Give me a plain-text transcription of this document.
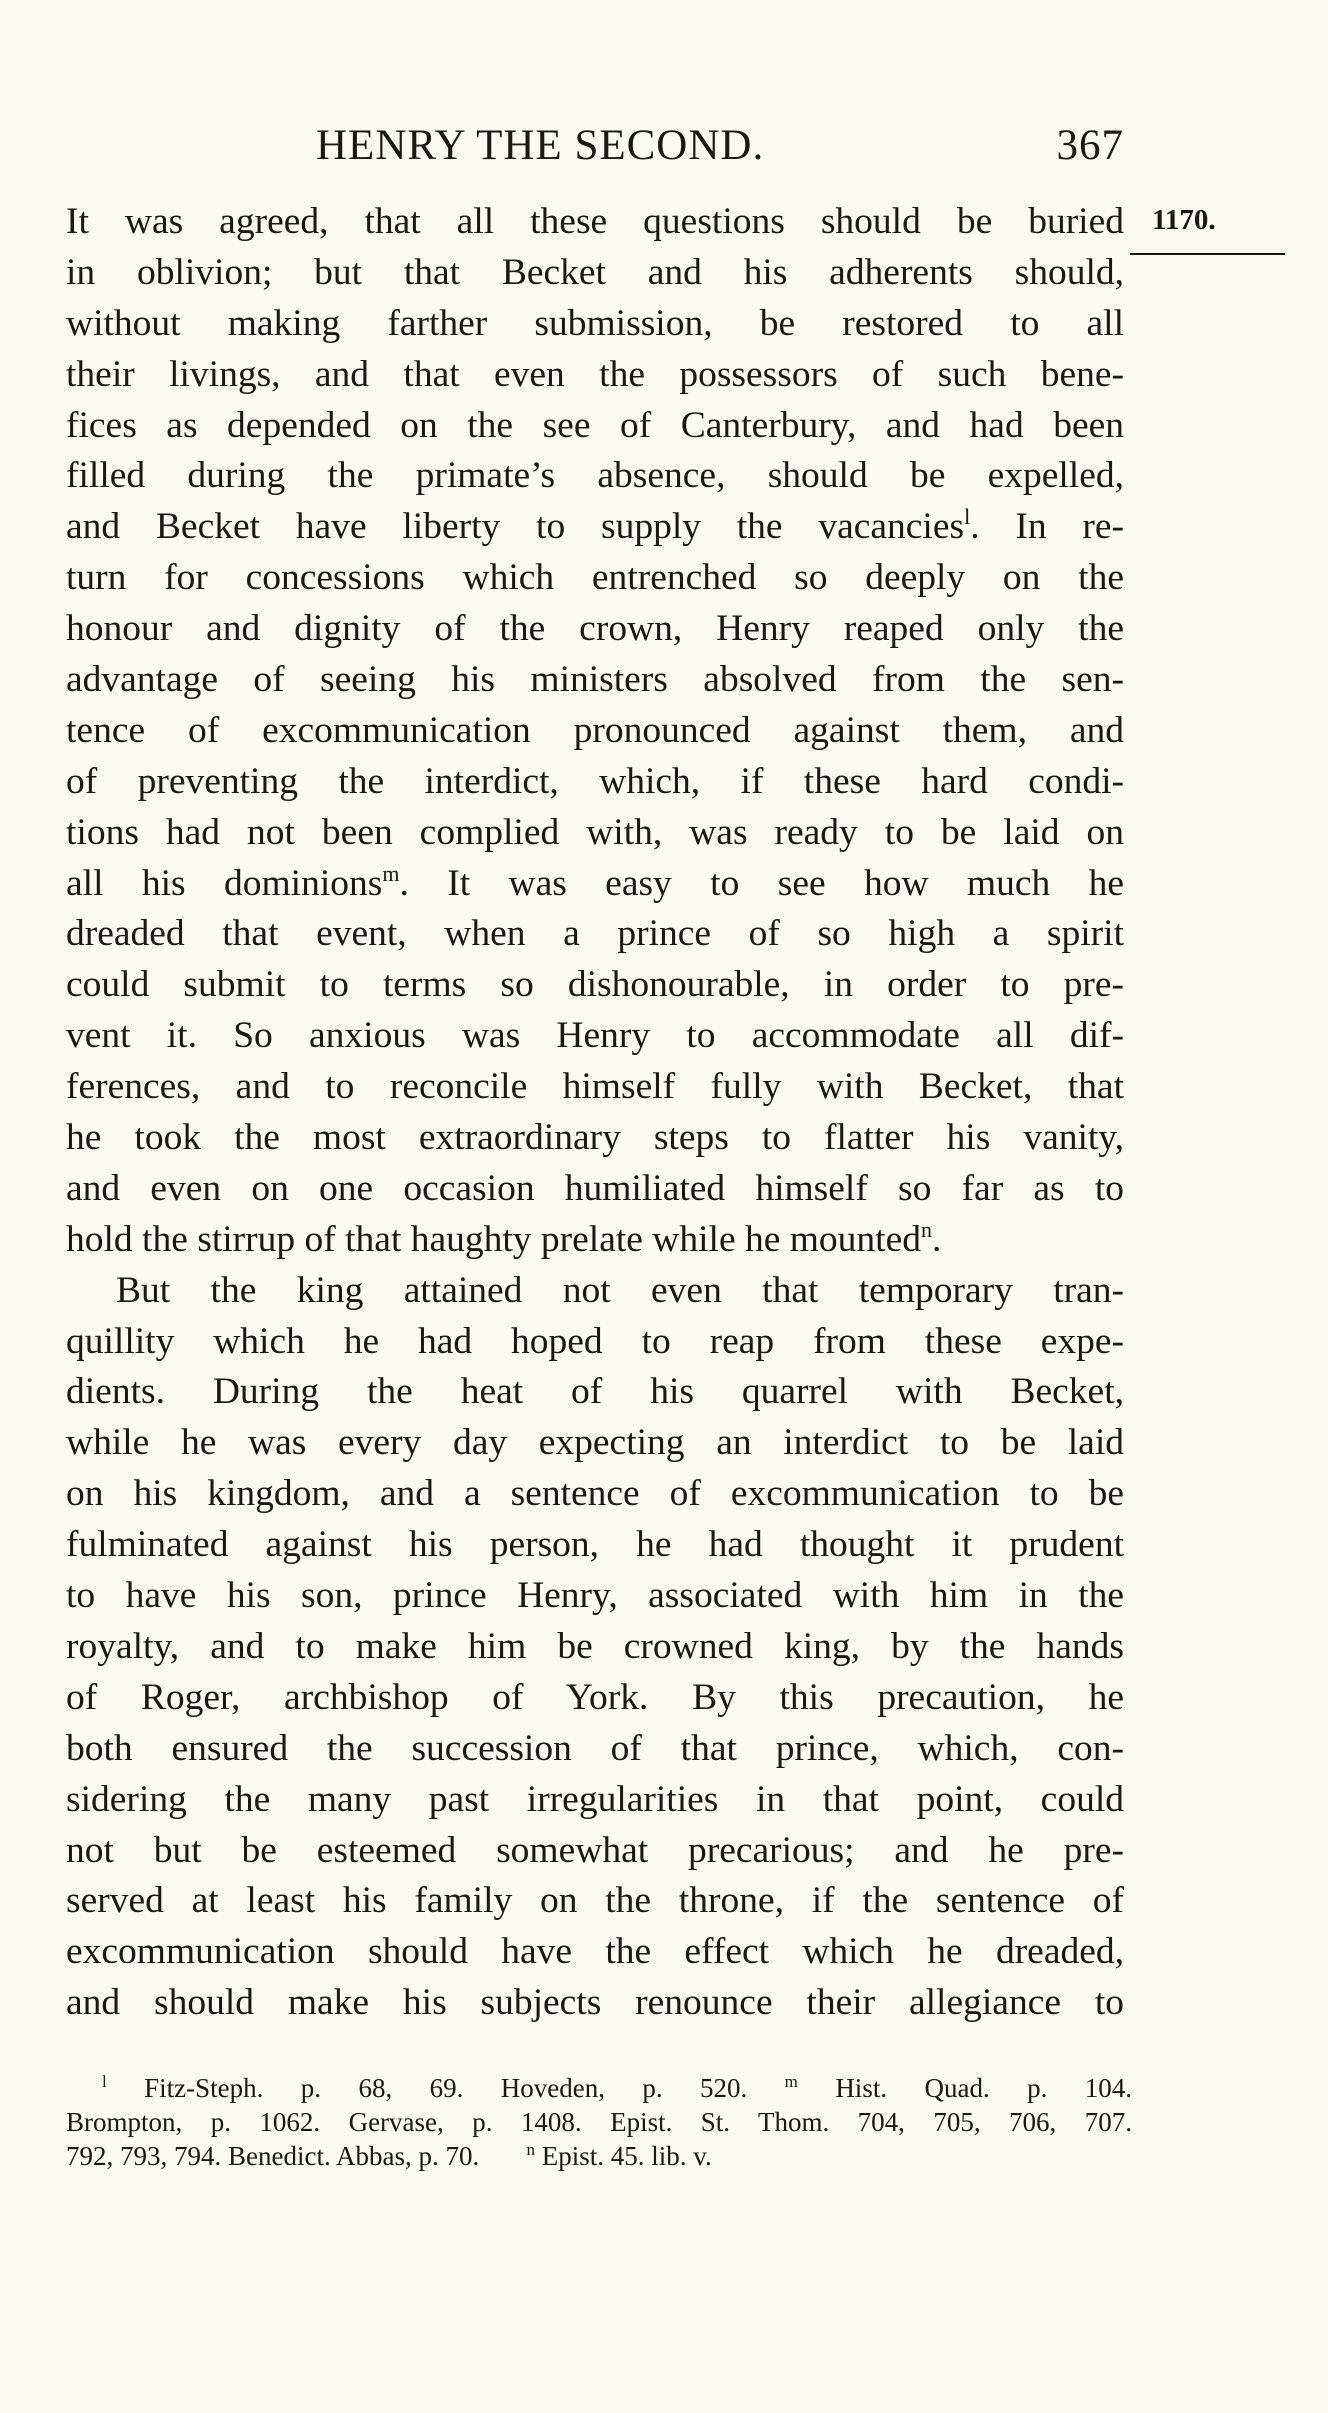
HENRY THE SECOND.	367
1170.
It was agreed, that all these questions should be buried
in oblivion; but that Becket and his adherents should,
without making farther submission, be restored to all
their livings, and that even the possessors of such bene-
fices as depended on the see of Canterbury, and had been
filled during the primate’s absence, should be expelled,
and Becket have liberty to supply the vacancies$^l$. In re-
turn for concessions which entrenched so deeply on the
honour and dignity of the crown, Henry reaped only the
advantage of seeing his ministers absolved from the sen-
tence of excommunication pronounced against them, and
of preventing the interdict, which, if these hard condi-
tions had not been complied with, was ready to be laid on
all his dominions$^m$. It was easy to see how much he
dreaded that event, when a prince of so high a spirit
could submit to terms so dishonourable, in order to pre-
vent it. So anxious was Henry to accommodate all dif-
ferences, and to reconcile himself fully with Becket, that
he took the most extraordinary steps to flatter his vanity,
and even on one occasion humiliated himself so far as to
hold the stirrup of that haughty prelate while he mounted$^n$.
But the king attained not even that temporary tran-
quillity which he had hoped to reap from these expe-
dients. During the heat of his quarrel with Becket,
while he was every day expecting an interdict to be laid
on his kingdom, and a sentence of excommunication to be
fulminated against his person, he had thought it prudent
to have his son, prince Henry, associated with him in the
royalty, and to make him be crowned king, by the hands
of Roger, archbishop of York. By this precaution, he
both ensured the succession of that prince, which, con-
sidering the many past irregularities in that point, could
not but be esteemed somewhat precarious; and he pre-
served at least his family on the throne, if the sentence of
excommunication should have the effect which he dreaded,
and should make his subjects renounce their allegiance to
$^l$ Fitz-Steph. p. 68, 69. Hoveden, p. 520. $^m$ Hist. Quad. p. 104.
Brompton, p. 1062. Gervase, p. 1408. Epist. St. Thom. 704, 705, 706, 707.
792, 793, 794. Benedict. Abbas, p. 70.	$^n$ Epist. 45. lib. v.
